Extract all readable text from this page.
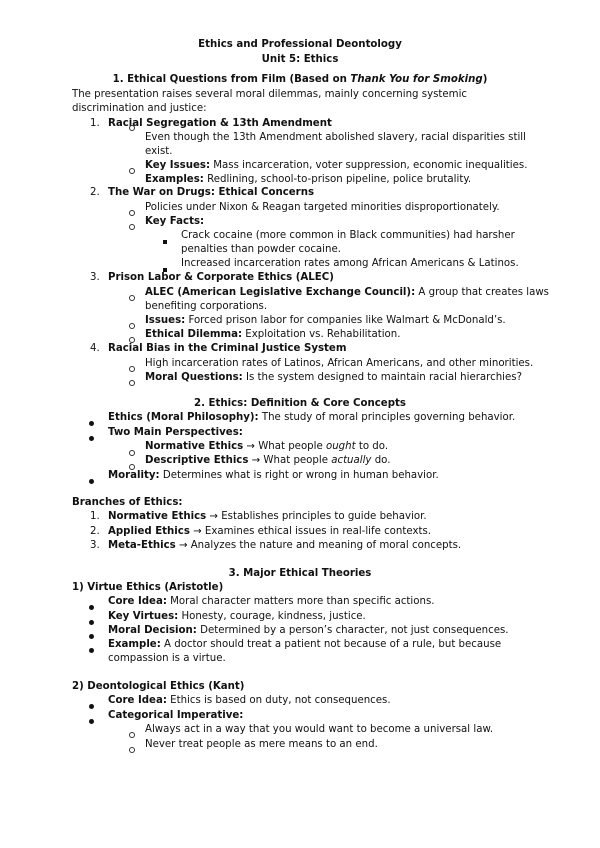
Ethics and Professional Deontology
Unit 5: Ethics
1. Ethical Questions from Film (Based on Thank You for Smoking)
The presentation raises several moral dilemmas, mainly concerning systemic
discrimination and justice:
1. Racial Segregation & 13th Amendment
Even though the 13th Amendment abolished slavery, racial disparities still
exist.
Key Issues: Mass incarceration, voter suppression, economic inequalities.
Examples: Redlining, school-to-prison pipeline, police brutality.
2. The War on Drugs: Ethical Concerns
Policies under Nixon & Reagan targeted minorities disproportionately.
Key Facts:
Crack cocaine (more common in Black communities) had harsher
penalties than powder cocaine.
Increased incarceration rates among African Americans & Latinos.
3. Prison Labor & Corporate Ethics (ALEC)
ALEC (American Legislative Exchange Council): A group that creates laws
benefiting corporations.
Issues: Forced prison labor for companies like Walmart & McDonald’s.
Ethical Dilemma: Exploitation vs. Rehabilitation.
4. Racial Bias in the Criminal Justice System
High incarceration rates of Latinos, African Americans, and other minorities.
Moral Questions: Is the system designed to maintain racial hierarchies?
2. Ethics: Definition & Core Concepts
Ethics (Moral Philosophy): The study of moral principles governing behavior.
Two Main Perspectives:
Normative Ethics → What people ought to do.
Descriptive Ethics → What people actually do.
Morality: Determines what is right or wrong in human behavior.
Branches of Ethics:
1. Normative Ethics → Establishes principles to guide behavior.
2. Applied Ethics → Examines ethical issues in real-life contexts.
3. Meta-Ethics → Analyzes the nature and meaning of moral concepts.
3. Major Ethical Theories
1) Virtue Ethics (Aristotle)
Core Idea: Moral character matters more than specific actions.
Key Virtues: Honesty, courage, kindness, justice.
Moral Decision: Determined by a person’s character, not just consequences.
Example: A doctor should treat a patient not because of a rule, but because
compassion is a virtue.
2) Deontological Ethics (Kant)
Core Idea: Ethics is based on duty, not consequences.
Categorical Imperative:
Always act in a way that you would want to become a universal law.
Never treat people as mere means to an end.
